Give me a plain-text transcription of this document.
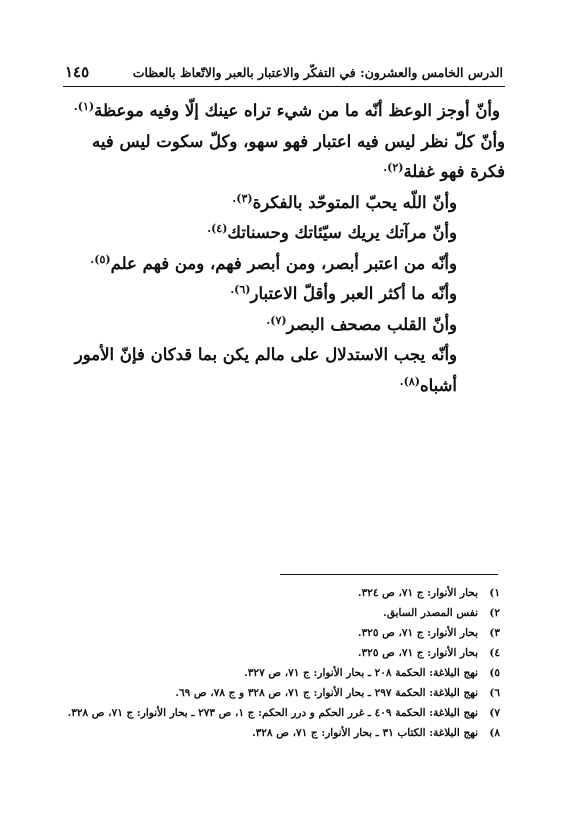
الدرس الخامس والعشرون: في التفكّر والاعتبار بالعبر والاتّعاظ بالعظات
١٤٥

وأنّ أوجز الوعظ أنّه ما من شيء تراه عينك إلّا وفيه موعظة$^{(١).}$

وأنّ كلّ نظر ليس فيه اعتبار فهو سهو، وكلّ سكوت ليس فيه فكرة فهو غفلة$^{(٢).}$

وأنّ اللّه يحبّ المتوحّد بالفكرة$^{(٣).}$

وأنّ مرآتك يريك سيّئاتك وحسناتك$^{(٤).}$

وأنّه من اعتبر أبصر، ومن أبصر فهم، ومن فهم علم$^{(٥).}$

وأنّه ما أكثر العبر وأقلّ الاعتبار$^{(٦).}$

وأنّ القلب مصحف البصر$^{(٧).}$

وأنّه يجب الاستدلال على مالم يكن بما قدكان فإنّ الأمور أشباه$^{(٨).}$

١)
بحار الأنوار: ج ٧١، ص ٣٢٤.
٢)
نفس المصدر السابق.
٣)
بحار الأنوار: ج ٧١، ص ٣٢٥.
٤)
بحار الأنوار: ج ٧١، ص ٣٢٥.
٥)
نهج البلاغة: الحكمة ٢٠٨ ـ بحار الأنوار: ج ٧١، ص ٣٢٧.
٦)
نهج البلاغة: الحكمة ٢٩٧ ـ بحار الأنوار: ج ٧١، ص ٣٢٨ و ج ٧٨، ص ٦٩.
٧)
نهج البلاغة: الحكمة ٤٠٩ ـ غرر الحكم و درر الحكم: ج ١، ص ٢٧٣ ـ بحار الأنوار: ج ٧١، ص ٣٢٨.
٨)
نهج البلاغة: الكتاب ٣١ ـ بحار الأنوار: ج ٧١، ص ٣٢٨.
